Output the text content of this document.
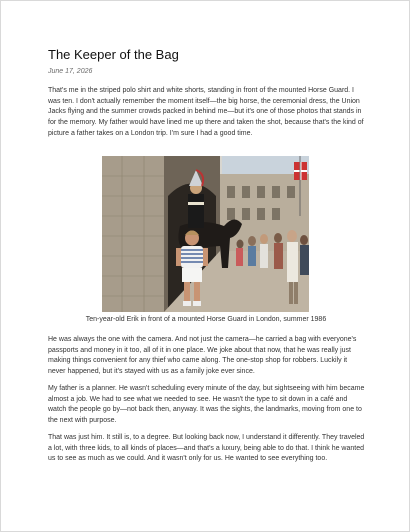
The Keeper of the Bag
June 17, 2026

That's me in the striped polo shirt and white shorts, standing in front of the mounted Horse Guard. I was ten. I don't actually remember the moment itself—the big horse, the ceremonial dress, the Union Jacks flying and the summer crowds packed in behind me—but it's one of those photos that stands in for the memory. My father would have lined me up there and taken the shot, because that's the kind of picture a father takes on a London trip. I'm sure I had a good time.

Ten-year-old Erik in front of a mounted Horse Guard in London, summer 1986

He was always the one with the camera. And not just the camera—he carried a bag with everyone's passports and money in it too, all of it in one place. We joke about that now, that he was really just making things convenient for any thief who came along. The one-stop shop for robbers. Luckily it never happened, but it's stayed with us as a family joke ever since.

My father is a planner. He wasn't scheduling every minute of the day, but sightseeing with him became almost a job. We had to see what we needed to see. He wasn't the type to sit down in a café and watch the people go by—not back then, anyway. It was the sights, the landmarks, moving from one to the next with purpose.

That was just him. It still is, to a degree. But looking back now, I understand it differently. They traveled a lot, with three kids, to all kinds of places—and that's a luxury, being able to do that. I think he wanted us to see as much as we could. And it wasn't only for us. He wanted to see everything too.
